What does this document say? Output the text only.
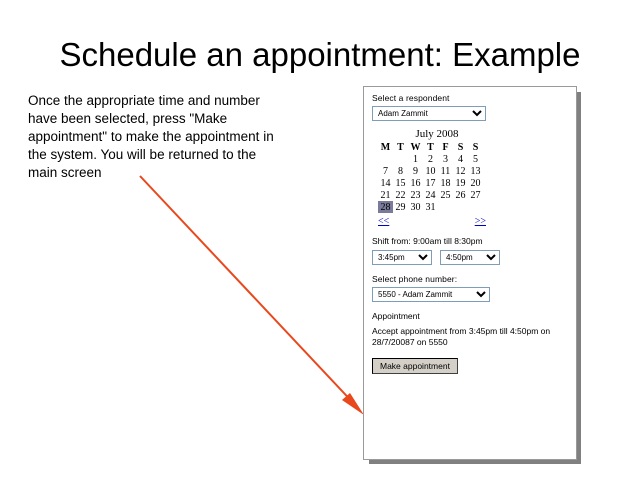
Schedule an appointment: Example
Once the appropriate time and number have been selected, press "Make appointment" to make the appointment in the system. You will be returned to the main screen
Select a respondent
Adam Zammit
July 2008
M	T	W	T	F	S	S
		1	2	3	4	5
7	8	9	10	11	12	13
14	15	16	17	18	19	20
21	22	23	24	25	26	27
28	29	30	31			
<<	>>
Shift from: 9:00am till 8:30pm
3:45pm
4:50pm
Select phone number:
5550 - Adam Zammit
Appointment
Accept appointment from 3:45pm till 4:50pm on 28/7/20087 on 5550
Make appointment
